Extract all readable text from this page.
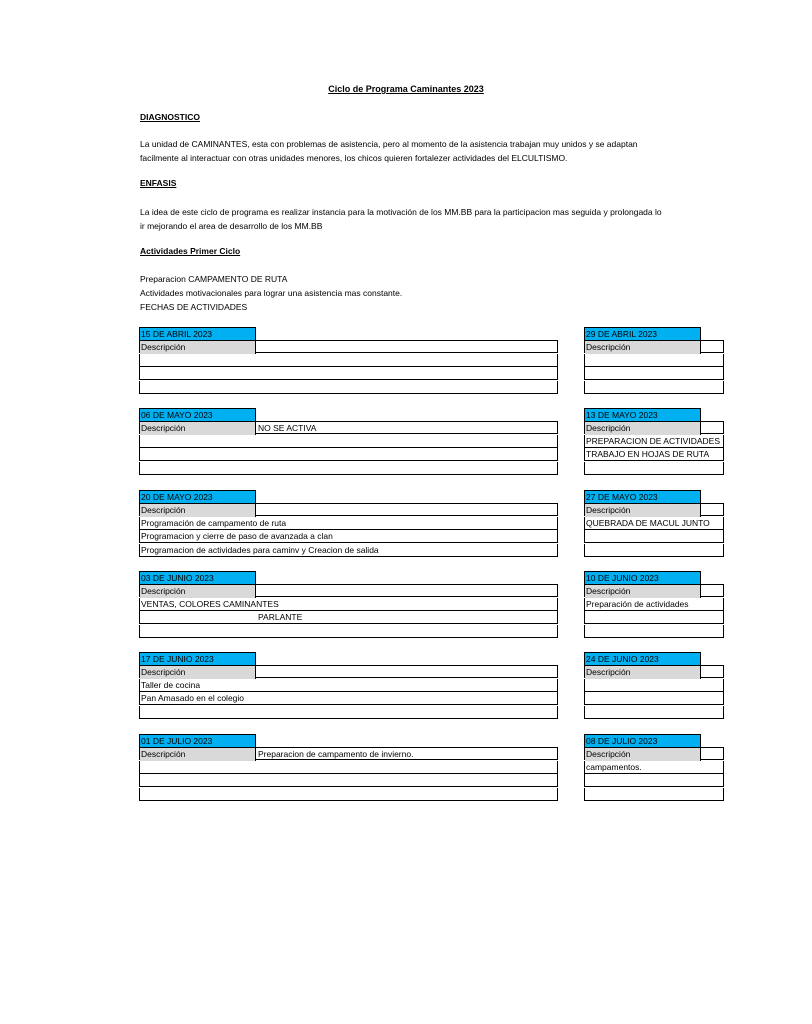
Ciclo de Programa Caminantes 2023
DIAGNOSTICO
La unidad de CAMINANTES, esta con problemas de asistencia, pero al momento de la asistencia trabajan muy unidos y se adaptan
facilmente al interactuar con otras unidades menores, los chicos quieren fortalezer actividades del ELCULTISMO.
ENFASIS
La idea de este ciclo de programa es realizar instancia para la motivación de los MM.BB para la participacion mas seguida y prolongada lo
ir mejorando el area de desarrollo de los MM.BB
Actividades Primer Ciclo
Preparacion CAMPAMENTO DE RUTA
Actividades motivacionales para lograr una asistencia mas constante.
FECHAS DE ACTIVIDADES
15 DE ABRIL 2023
Descripción
06 DE MAYO 2023
Descripción	NO SE ACTIVA
20 DE MAYO 2023
Descripción
Programación de campamento de ruta
Programacion y cierre de paso de avanzada a clan
Programacion de actividades para caminv y Creacion de salida
03 DE JUNIO 2023
Descripción
VENTAS, COLORES CAMINANTES
PARLANTE
17 DE JUNIO 2023
Descripción
Taller de cocina
Pan Amasado en el colegio
01 DE JULIO 2023
Descripción	Preparacion de campamento de invierno.
29 DE ABRIL 2023
Descripción
13 DE MAYO 2023
Descripción
PREPARACION DE ACTIVIDADES
TRABAJO EN HOJAS DE RUTA
27 DE MAYO 2023
Descripción
QUEBRADA DE MACUL JUNTO
10 DE JUNIO 2023
Descripción
Preparación de actividades
24 DE JUNIO 2023
Descripción
08 DE JULIO 2023
Descripción
campamentos.
